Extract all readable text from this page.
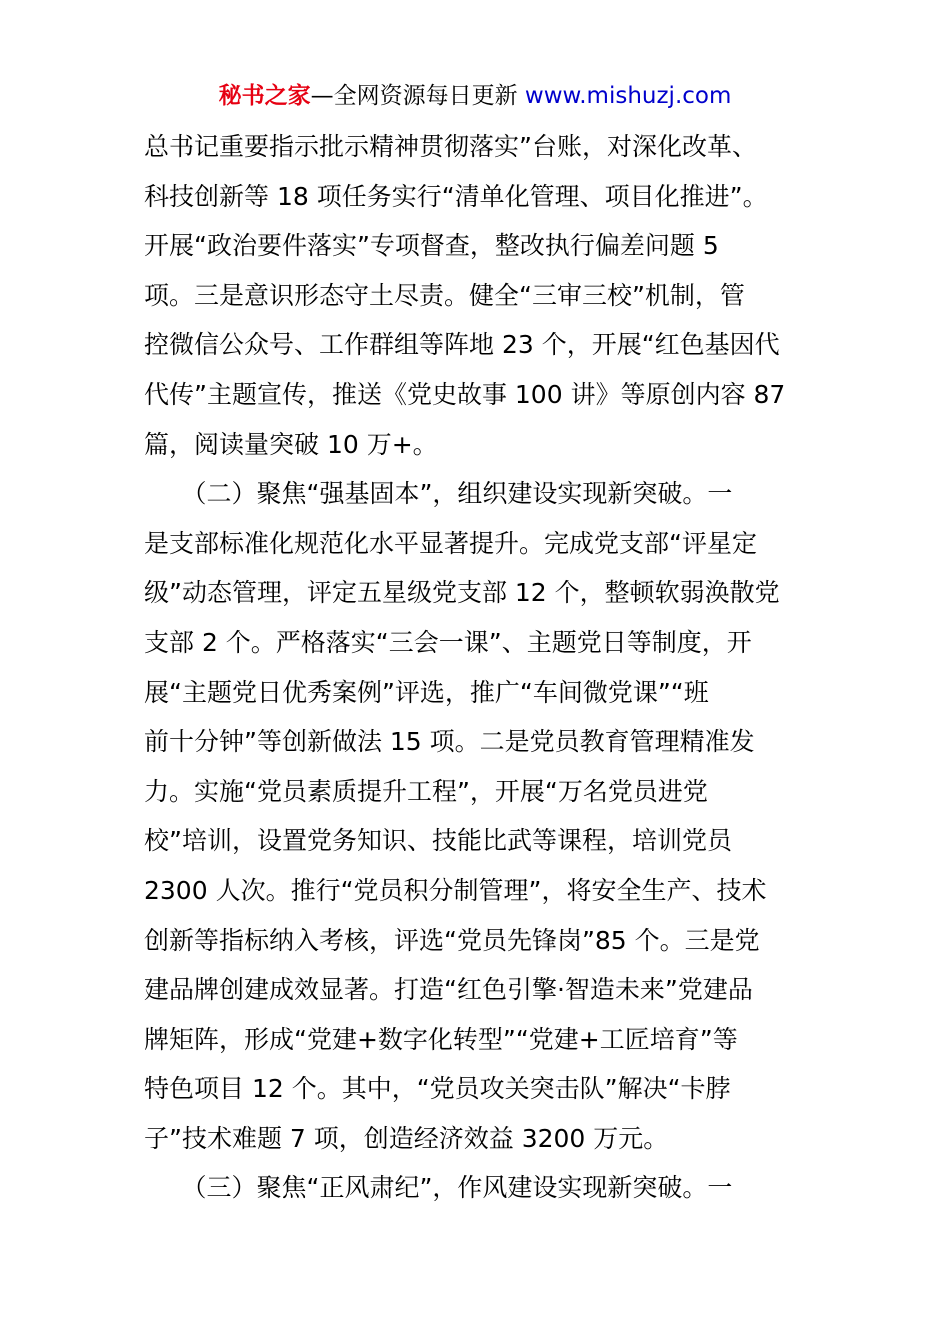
秘书之家—全网资源每日更新 www.mishuzj.com
总书记重要指示批示精神贯彻落实”台账，对深化改革、
科技创新等 18 项任务实行“清单化管理、项目化推进”。
开展“政治要件落实”专项督查，整改执行偏差问题 5
项。三是意识形态守土尽责。健全“三审三校”机制，管
控微信公众号、工作群组等阵地 23 个，开展“红色基因代
代传”主题宣传，推送《党史故事 100 讲》等原创内容 87
篇，阅读量突破 10 万+。
　　（二）聚焦“强基固本”，组织建设实现新突破。一
是支部标准化规范化水平显著提升。完成党支部“评星定
级”动态管理，评定五星级党支部 12 个，整顿软弱涣散党
支部 2 个。严格落实“三会一课”、主题党日等制度，开
展“主题党日优秀案例”评选，推广“车间微党课”“班
前十分钟”等创新做法 15 项。二是党员教育管理精准发
力。实施“党员素质提升工程”，开展“万名党员进党
校”培训，设置党务知识、技能比武等课程，培训党员
2300 人次。推行“党员积分制管理”，将安全生产、技术
创新等指标纳入考核，评选“党员先锋岗”85 个。三是党
建品牌创建成效显著。打造“红色引擎·智造未来”党建品
牌矩阵，形成“党建+数字化转型”“党建+工匠培育”等
特色项目 12 个。其中，“党员攻关突击队”解决“卡脖
子”技术难题 7 项，创造经济效益 3200 万元。
　　（三）聚焦“正风肃纪”，作风建设实现新突破。一
